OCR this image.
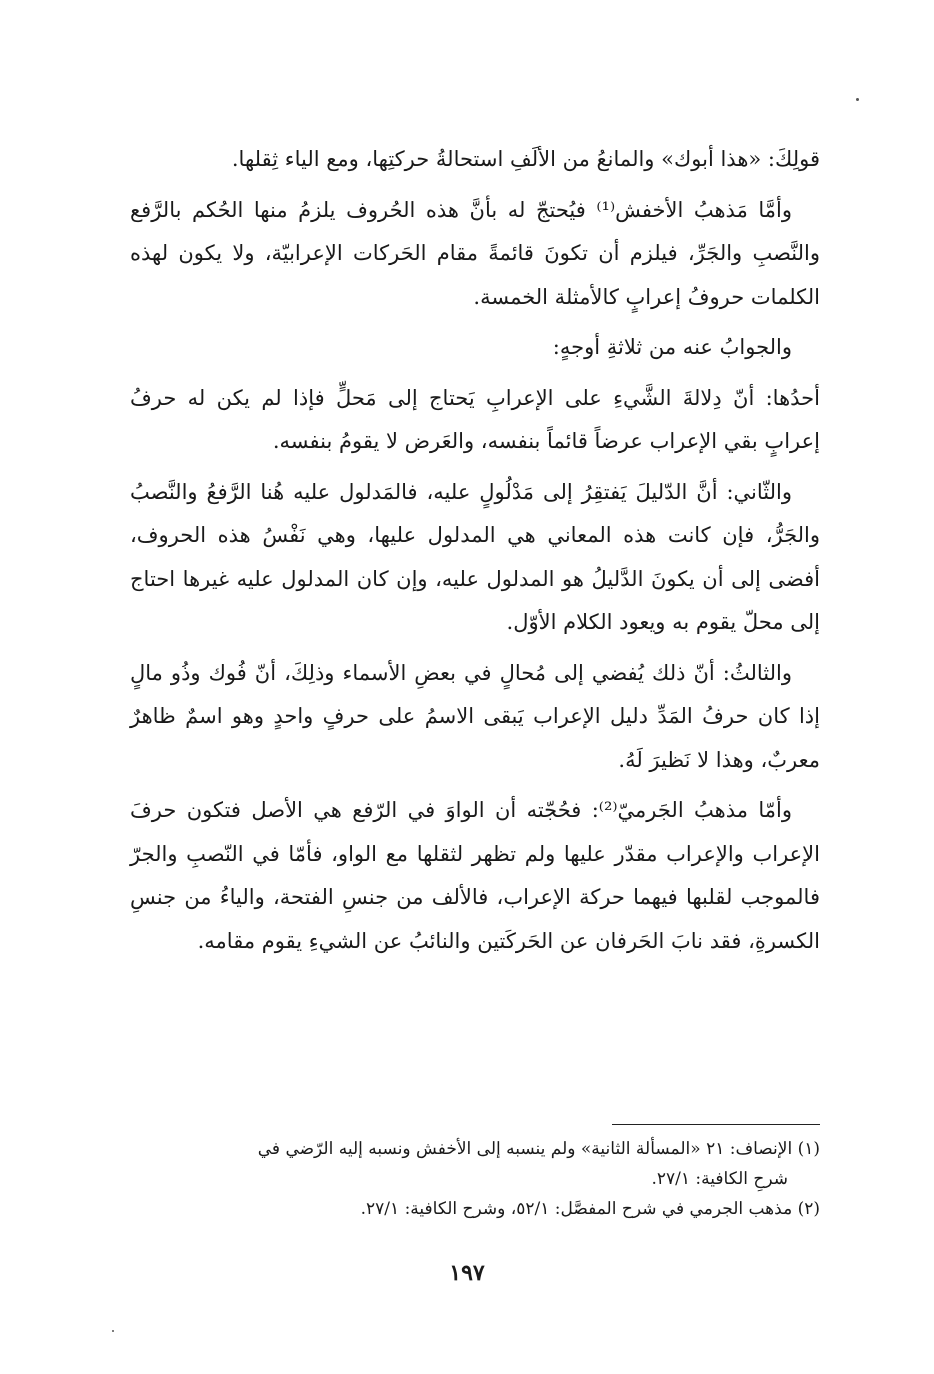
قولِكَ: «هذا أبوك» والمانعُ من الألَفِ استحالةُ حركتِها، ومع الياء ثِقلها.

وأمَّا مَذهبُ الأخفش⁽¹⁾ فيُحتجّ له بأنَّ هذه الحُروف يلزمُ منها الحُكم بالرَّفع والنَّصبِ والجَرِّ، فيلزم أن تكونَ قائمةً مقام الحَركات الإعرابيّة، ولا يكون لهذه الكلمات حروفُ إعرابٍ كالأمثلة الخمسة.

والجوابُ عنه من ثلاثةِ أوجهٍ:

أحدُها: أنّ دِلالةَ الشَّيءِ على الإعرابِ يَحتاج إلى مَحلٍّ فإذا لم يكن له حرفُ إعرابٍ بقي الإعراب عرضاً قائماً بنفسه، والعَرض لا يقومُ بنفسه.

والثّاني: أنَّ الدّليلَ يَفتقِرُ إلى مَدْلُولٍ عليه، فالمَدلول عليه هُنا الرَّفعُ والنَّصبُ والجَرُّ، فإن كانت هذه المعاني هي المدلول عليها، وهي نَفْسُ هذه الحروف، أفضى إلى أن يكونَ الدَّليلُ هو المدلول عليه، وإن كان المدلول عليه غيرها احتاج إلى محلّ يقوم به ويعود الكلام الأوّل.

والثالثُ: أنّ ذلك يُفضي إلى مُحالٍ في بعضِ الأسماء وذلِكَ، أنّ فُوك وذُو مالٍ إذا كان حرفُ المَدِّ دليل الإعراب يَبقى الاسمُ على حرفٍ واحدٍ وهو اسمٌ ظاهرٌ معربٌ، وهذا لا نَظيرَ لَهُ.

وأمّا مذهبُ الجَرميّ⁽²⁾: فحُجّته أن الواوَ في الرّفع هي الأصل فتكون حرفَ الإعراب والإعراب مقدّر عليها ولم تظهر لثقلها مع الواو، فأمّا في النّصبِ والجرّ فالموجب لقلبها فيهما حركة الإعراب، فالألف من جنسِ الفتحة، والياءُ من جنسِ الكسرةِ، فقد نابَ الحَرفان عن الحَركَتين والنائبُ عن الشيءِ يقوم مقامه.

(١) الإنصاف: ٢١ «المسألة الثانية» ولم ينسبه إلى الأخفش ونسبه إليه الرّضي في

شرحِ الكافية: ٢٧/١.

(٢) مذهب الجرمي في شرح المفصَّل: ٥٢/١، وشرح الكافية: ٢٧/١.

١٩٧
